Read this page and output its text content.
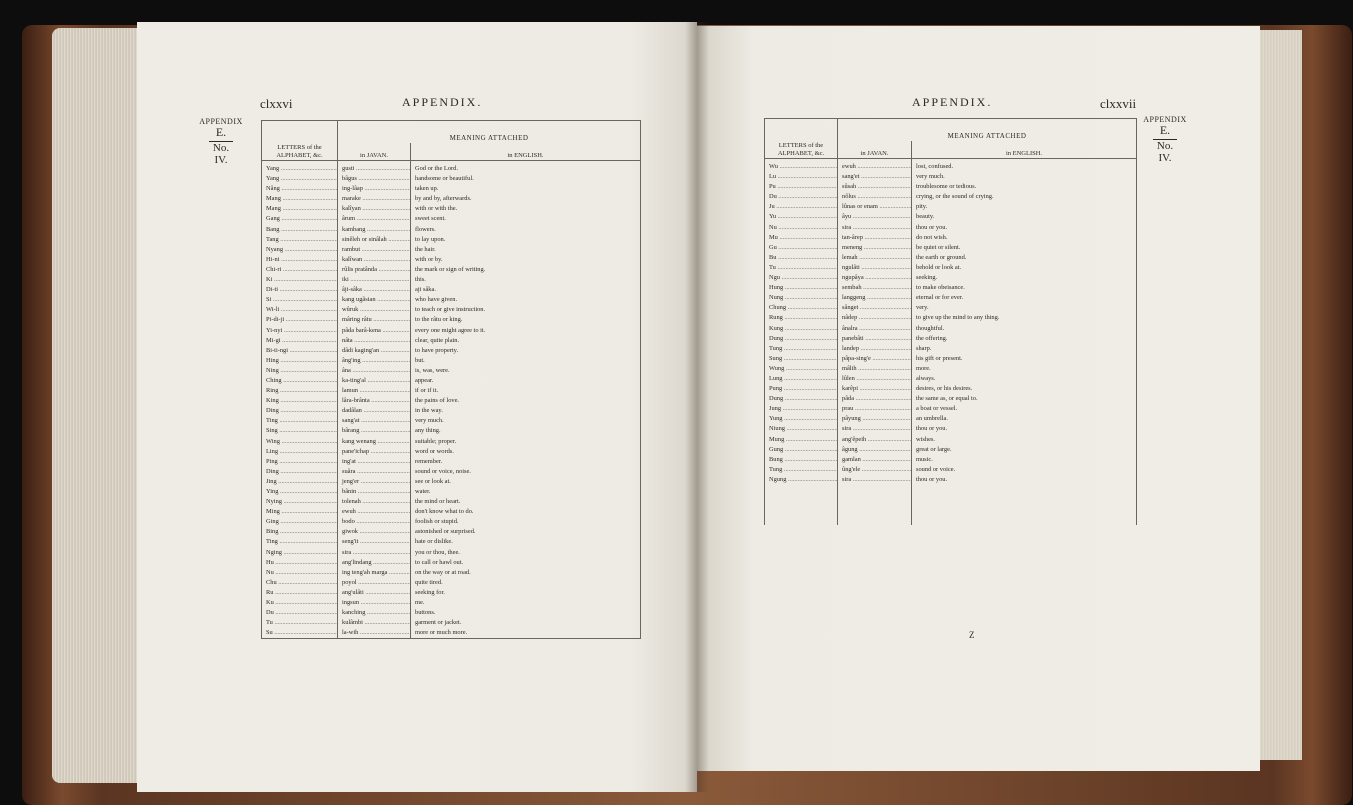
clxxvi	APPENDIX.
APPENDIX
E.
No. IV.
LETTERS of the ALPHABET, &c.	MEANING ATTACHED	
	in JAVAN.	in ENGLISH.
Yang .....	gusti .....	God or the Lord.
Yang .....	bâgus .....	handsome or beautiful.
Nâng .....	ing-lâap .....	taken up.
Mang .....	marake .....	by and by, afterwards.
Mang .....	kalîyan .....	with or with the.
Gang .....	ârum .....	sweet scent.
Bang .....	kambang .....	flowers.
Tang .....	sinêleh or sinâlah .....	to lay upon.
Nyang .....	rambut .....	the hair.
Hi-ni .....	kalîwan .....	with or by.
Chi-ri .....	rûlis pratânda .....	the mark or sign of writing.
Ki .....	iki .....	this.
Di-ti .....	âji-sâka .....	aji sâka.
Si .....	kang ugâsian .....	who have given.
Wi-li .....	wûruk .....	to teach or give instruction.
Pi-di-ji .....	mâring râtu .....	to the râtu or king.
Yi-nyi .....	pâda barâ-kena .....	every one might agree to it.
Mi-gi .....	nâta .....	clear, quite plain.
Bi-ti-ngi .....	dâdi kaging'an .....	to have property.
Hing .....	âng'ing .....	but.
Ning .....	âna .....	is, was, were.
Ching .....	ka-ting'al .....	appear.
Ring .....	lamun .....	if or if it.
King .....	lâra-brânta .....	the pains of love.
Ding .....	dadâlan .....	in the way.
Ting .....	sang'at .....	very much.
Sing .....	bârang .....	any thing.
Wing .....	kang wenang .....	suitable; proper.
Ling .....	pane'ichap .....	word or words.
Ping .....	ing'at .....	remember.
Ding .....	suâra .....	sound or voice, noise.
Jing .....	jeng'er .....	see or look at.
Ying .....	bânin .....	water.
Nying .....	tolenah .....	the mind or heart.
Ming .....	ewuh .....	don't know what to do.
Ging .....	bodo .....	foolish or stupid.
Bing .....	giwok .....	astonished or surprised.
Ting .....	seng'it .....	hate or dislike.
Nging .....	sira .....	you or thou, thee.
Hu .....	ang'lindang .....	to call or hawl out.
Nu .....	ing teng'ah marga .....	on the way or at road.
Chu .....	poyol .....	quite tired.
Ru .....	ang'ulâti .....	seeking for.
Ku .....	ingsun .....	me.
Du .....	kanching .....	buttons.
Tu .....	kulâmbi .....	garment or jacket.
Su .....	la-wih .....	more or much more.
APPENDIX.	clxxvii
APPENDIX
E.
No. IV.
LETTERS of the ALPHABET, &c.	MEANING ATTACHED	
	in JAVAN.	in ENGLISH.
Wu .....	ewuh .....	lost, confused.
Lu .....	sang'et .....	very much.
Pu .....	sûsah .....	troublesome or tedious.
Du .....	nôlus .....	crying, or the sound of crying.
Ju .....	lûnas or enam .....	pity.
Yu .....	âyu .....	beauty.
Nu .....	sira .....	thou or you.
Mu .....	tan-ârep .....	do not wish.
Gu .....	meneng .....	be quiet or silent.
Bu .....	lemah .....	the earth or ground.
Tu .....	ngulâti .....	behold or look at.
Ngu .....	ngupâya .....	seeking.
Hung .....	sembah .....	to make obeisance.
Nung .....	langgeng .....	eternal or for ever.
Chung .....	sânget .....	very.
Rung .....	nâdep .....	to give up the mind to any thing.
Kung .....	ânalra .....	thoughtful.
Dung .....	panebâti .....	the offering.
Tung .....	landep .....	sharp.
Sung .....	pâpa-sing'e .....	his gift or present.
Wung .....	mâlih .....	more.
Lung .....	lûlen .....	always.
Pung .....	karêpi .....	desires, or his desires.
Dung .....	pâda .....	the same as, or equal to.
Jung .....	prau .....	a boat or vessel.
Yung .....	pâyung .....	an umbrella.
Niung .....	sira .....	thou or you.
Mung .....	ang'êpeih .....	wishes.
Gung .....	âgung .....	great or large.
Bung .....	gamlan .....	music.
Tung .....	ûng'ele .....	sound or voice.
Ngung .....	sira .....	thou or you.

Z
